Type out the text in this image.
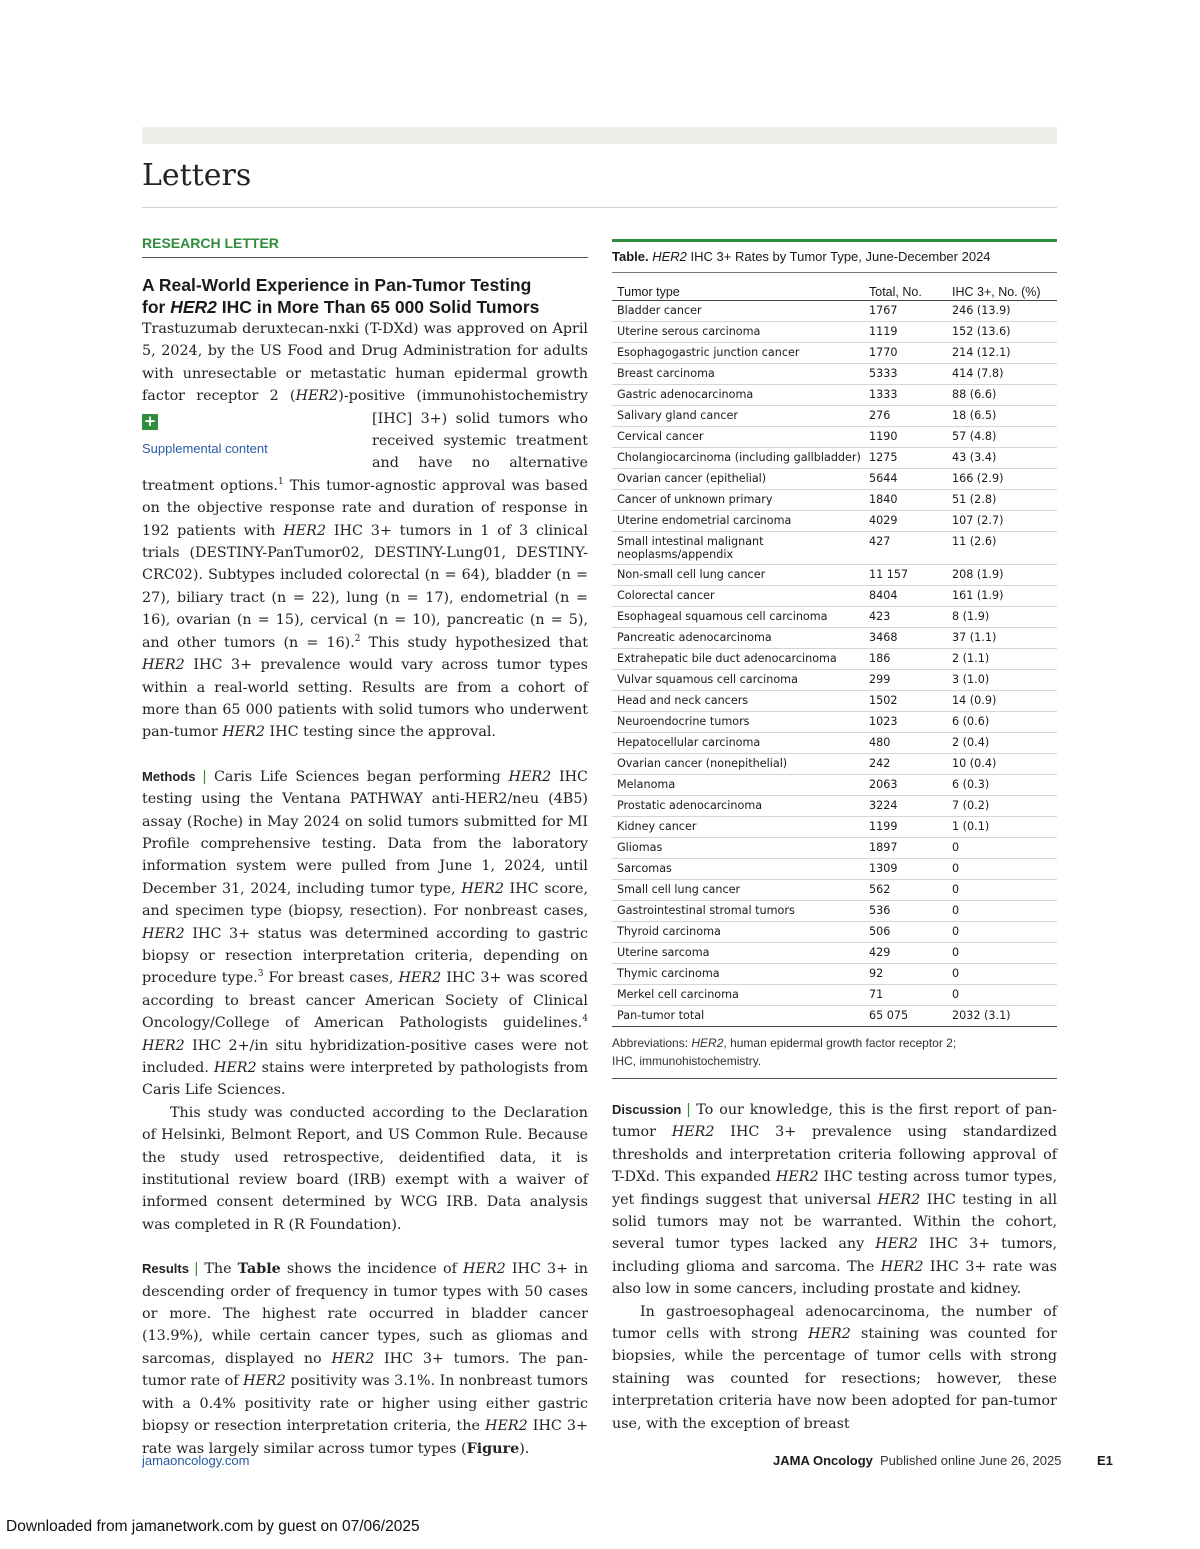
Letters
RESEARCH LETTER
A Real-World Experience in Pan-Tumor Testing
for HER2 IHC in More Than 65 000 Solid Tumors

Trastuzumab deruxtecan-nxki (T-DXd) was approved on April 5, 2024, by the US Food and Drug Administration for adults with unresectable or metastatic human epidermal growth factor receptor 2 (HER2)-positive (immunohistochemistry
+
Supplemental content
[IHC] 3+) solid tumors who received systemic treatment and have no alternative treatment options.$^1$ This tumor-agnostic approval was based on the objective response rate and duration of response in 192 patients with HER2 IHC 3+ tumors in 1 of 3 clinical trials (DESTINY-PanTumor02, DESTINY-Lung01, DESTINY-CRC02). Subtypes included colorectal (n = 64), bladder (n = 27), biliary tract (n = 22), lung (n = 17), endometrial (n = 16), ovarian (n = 15), cervical (n = 10), pancreatic (n = 5), and other tumors (n = 16).$^2$ This study hypothesized that HER2 IHC 3+ prevalence would vary across tumor types within a real-world setting. Results are from a cohort of more than 65 000 patients with solid tumors who underwent pan-tumor HER2 IHC testing since the approval.

Methods | Caris Life Sciences began performing HER2 IHC testing using the Ventana PATHWAY anti-HER2/neu (4B5) assay (Roche) in May 2024 on solid tumors submitted for MI Profile comprehensive testing. Data from the laboratory information system were pulled from June 1, 2024, until December 31, 2024, including tumor type, HER2 IHC score, and specimen type (biopsy, resection). For nonbreast cases, HER2 IHC 3+ status was determined according to gastric biopsy or resection interpretation criteria, depending on procedure type.$^3$ For breast cases, HER2 IHC 3+ was scored according to breast cancer American Society of Clinical Oncology/College of American Pathologists guidelines.$^4$ HER2 IHC 2+/in situ hybridization-positive cases were not included. HER2 stains were interpreted by pathologists from Caris Life Sciences.

This study was conducted according to the Declaration of Helsinki, Belmont Report, and US Common Rule. Because the study used retrospective, deidentified data, it is institutional review board (IRB) exempt with a waiver of informed consent determined by WCG IRB. Data analysis was completed in R (R Foundation).

Results | The Table shows the incidence of HER2 IHC 3+ in descending order of frequency in tumor types with 50 cases or more. The highest rate occurred in bladder cancer (13.9%), while certain cancer types, such as gliomas and sarcomas, displayed no HER2 IHC 3+ tumors. The pan-tumor rate of HER2 positivity was 3.1%. In nonbreast tumors with a 0.4% positivity rate or higher using either gastric biopsy or resection interpretation criteria, the HER2 IHC 3+ rate was largely similar across tumor types (Figure).

Table. HER2 IHC 3+ Rates by Tumor Type, June-December 2024
Tumor type	Total, No.	IHC 3+, No. (%)
Bladder cancer	1767	246 (13.9)
Uterine serous carcinoma	1119	152 (13.6)
Esophagogastric junction cancer	1770	214 (12.1)
Breast carcinoma	5333	414 (7.8)
Gastric adenocarcinoma	1333	88 (6.6)
Salivary gland cancer	276	18 (6.5)
Cervical cancer	1190	57 (4.8)
Cholangiocarcinoma (including gallbladder)	1275	43 (3.4)
Ovarian cancer (epithelial)	5644	166 (2.9)
Cancer of unknown primary	1840	51 (2.8)
Uterine endometrial carcinoma	4029	107 (2.7)
Small intestinal malignant neoplasms/appendix	427	11 (2.6)
Non-small cell lung cancer	11 157	208 (1.9)
Colorectal cancer	8404	161 (1.9)
Esophageal squamous cell carcinoma	423	8 (1.9)
Pancreatic adenocarcinoma	3468	37 (1.1)
Extrahepatic bile duct adenocarcinoma	186	2 (1.1)
Vulvar squamous cell carcinoma	299	3 (1.0)
Head and neck cancers	1502	14 (0.9)
Neuroendocrine tumors	1023	6 (0.6)
Hepatocellular carcinoma	480	2 (0.4)
Ovarian cancer (nonepithelial)	242	10 (0.4)
Melanoma	2063	6 (0.3)
Prostatic adenocarcinoma	3224	7 (0.2)
Kidney cancer	1199	1 (0.1)
Gliomas	1897	0
Sarcomas	1309	0
Small cell lung cancer	562	0
Gastrointestinal stromal tumors	536	0
Thyroid carcinoma	506	0
Uterine sarcoma	429	0
Thymic carcinoma	92	0
Merkel cell carcinoma	71	0
Pan-tumor total	65 075	2032 (3.1)
Abbreviations: HER2, human epidermal growth factor receptor 2;
IHC, immunohistochemistry.

Discussion | To our knowledge, this is the first report of pan-tumor HER2 IHC 3+ prevalence using standardized thresholds and interpretation criteria following approval of T-DXd. This expanded HER2 IHC testing across tumor types, yet findings suggest that universal HER2 IHC testing in all solid tumors may not be warranted. Within the cohort, several tumor types lacked any HER2 IHC 3+ tumors, including glioma and sarcoma. The HER2 IHC 3+ rate was also low in some cancers, including prostate and kidney.

In gastroesophageal adenocarcinoma, the number of tumor cells with strong HER2 staining was counted for biopsies, while the percentage of tumor cells with strong staining was counted for resections; however, these interpretation criteria have now been adopted for pan-tumor use, with the exception of breast

jamaoncology.com	JAMA Oncology Published online June 26, 2025	E1
Downloaded from jamanetwork.com by guest on 07/06/2025
